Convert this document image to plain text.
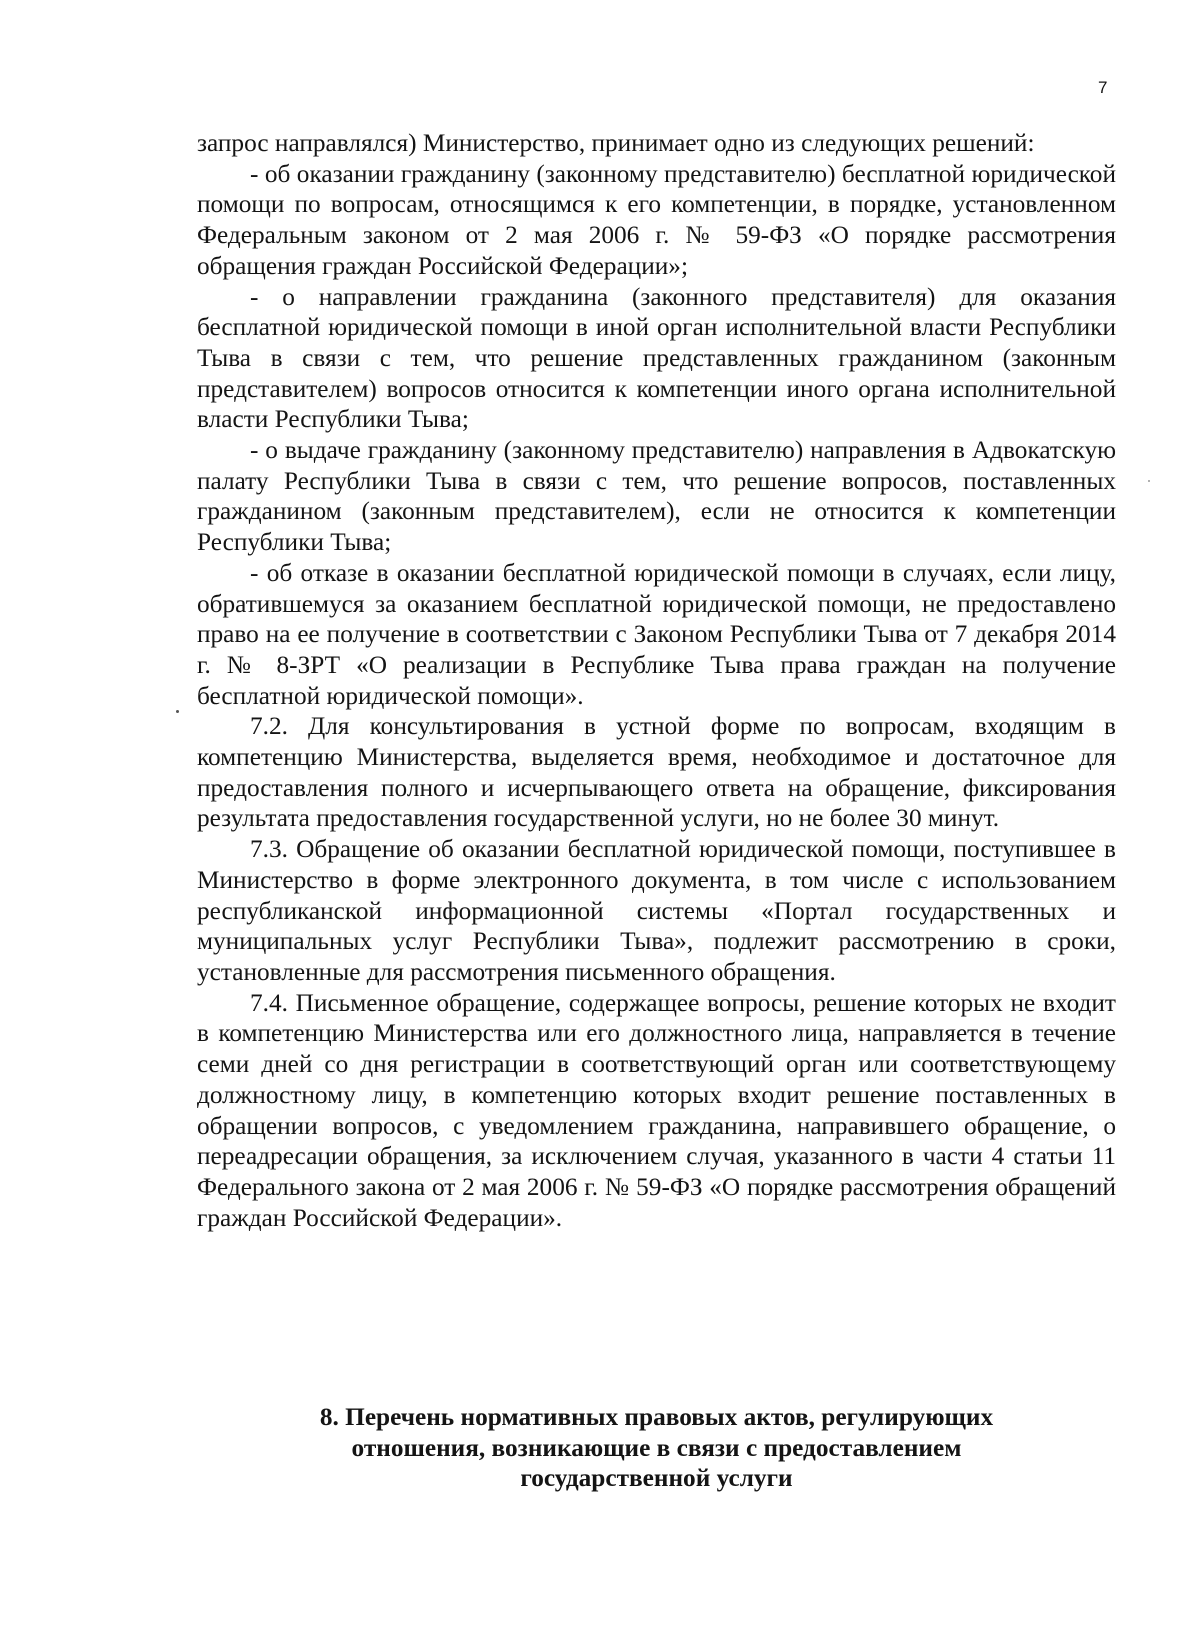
7

запрос направлялся) Министерство, принимает одно из следующих решений:

- об оказании гражданину (законному представителю) бесплатной юридической помощи по вопросам, относящимся к его компетенции, в порядке, установленном Федеральным законом от 2 мая 2006 г. № 59-ФЗ «О порядке рассмотрения обращения граждан Российской Федерации»;

- о направлении гражданина (законного представителя) для оказания бесплатной юридической помощи в иной орган исполнительной власти Республики Тыва в связи с тем, что решение представленных гражданином (законным представителем) вопросов относится к компетенции иного органа исполнительной власти Республики Тыва;

- о выдаче гражданину (законному представителю) направления в Адвокатскую палату Республики Тыва в связи с тем, что решение вопросов, поставленных гражданином (законным представителем), если не относится к компетенции Республики Тыва;

- об отказе в оказании бесплатной юридической помощи в случаях, если лицу, обратившемуся за оказанием бесплатной юридической помощи, не предоставлено право на ее получение в соответствии с Законом Республики Тыва от 7 декабря 2014 г. № 8-ЗРТ «О реализации в Республике Тыва права граждан на получение бесплатной юридической помощи».

7.2. Для консультирования в устной форме по вопросам, входящим в компетенцию Министерства, выделяется время, необходимое и достаточное для предоставления полного и исчерпывающего ответа на обращение, фиксирования результата предоставления государственной услуги, но не более 30 минут.

7.3. Обращение об оказании бесплатной юридической помощи, поступившее в Министерство в форме электронного документа, в том числе с использованием республиканской информационной системы «Портал государственных и муниципальных услуг Республики Тыва», подлежит рассмотрению в сроки, установленные для рассмотрения письменного обращения.

7.4. Письменное обращение, содержащее вопросы, решение которых не входит в компетенцию Министерства или его должностного лица, направляется в течение семи дней со дня регистрации в соответствующий орган или соответствующему должностному лицу, в компетенцию которых входит решение поставленных в обращении вопросов, с уведомлением гражданина, направившего обращение, о переадресации обращения, за исключением случая, указанного в части 4 статьи 11 Федерального закона от 2 мая 2006 г. № 59-ФЗ «О порядке рассмотрения обращений граждан Российской Федерации».

8. Перечень нормативных правовых актов, регулирующих
отношения, возникающие в связи с предоставлением
государственной услуги
